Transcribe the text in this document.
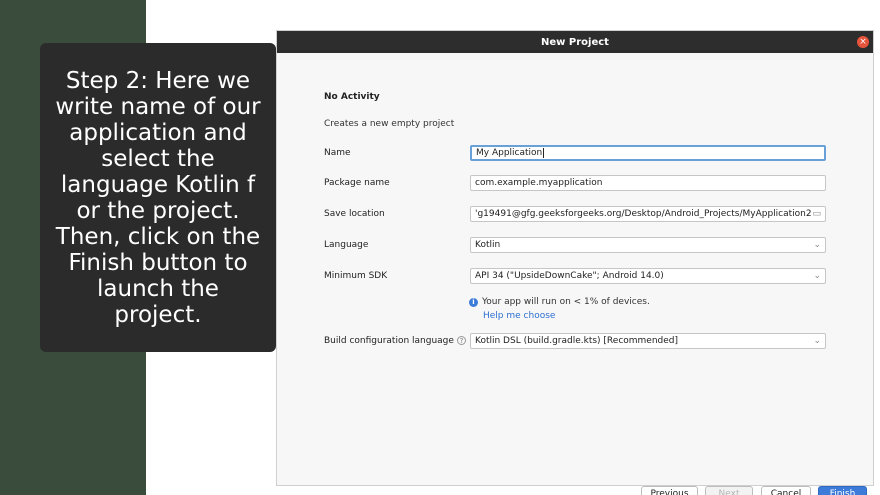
Step 2: Here we write name of our application and select the language Kotlin f or the project. Then, click on the Finish button to launch the project.
New Project	×
No Activity
Creates a new empty project
Name	My Application
Package name	com.example.myapplication
Save location	'g19491@gfg.geeksforgeeks.org/Desktop/Android_Projects/MyApplication2 ▭
Language	Kotlin	⌄
Minimum SDK	API 34 ("UpsideDownCake"; Android 14.0)	⌄
i Your app will run on < 1% of devices.
Help me choose
Build configuration language ?	Kotlin DSL (build.gradle.kts) [Recommended]	⌄
Previous	Next	Cancel	Finish
